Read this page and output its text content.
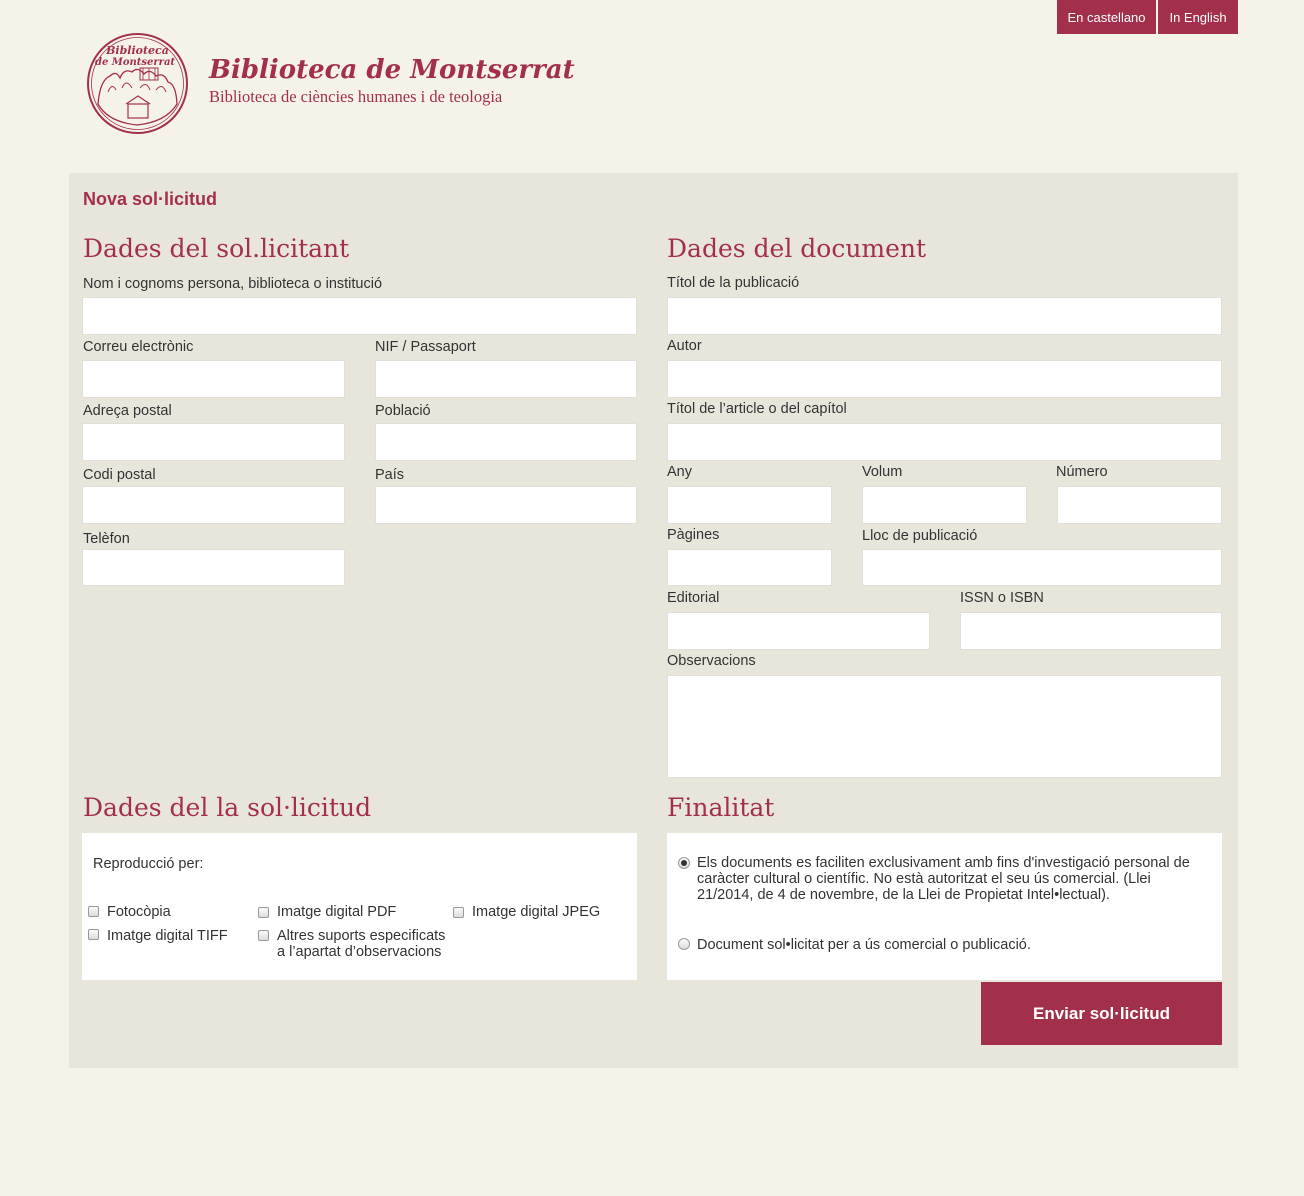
En castellano	In English
Biblioteca
de Montserrat Biblioteca de Montserrat
Biblioteca de ciències humanes i de teologia
Nova sol·licitud
Dades del sol.licitant
Nom i cognoms persona, biblioteca o institució
Correu electrònic	NIF / Passaport
Adreça postal	Població
Codi postal	País
Telèfon
Dades del document
Títol de la publicació
Autor
Títol de l’article o del capítol
Any	Volum	Número
Pàgines	Lloc de publicació
Editorial	ISSN o ISBN
Observacions
Dades del la sol·licitud
Reproducció per:
Fotocòpia	Imatge digital PDF	Imatge digital JPEG
Imatge digital TIFF	Altres suports especificats a l’apartat d’observacions
Finalitat
Els documents es faciliten exclusivament amb fins d'investigació personal de caràcter cultural o científic. No està autoritzat el seu ús comercial. (Llei 21/2014, de 4 de novembre, de la Llei de Propietat Intel•lectual).
Document sol•licitat per a ús comercial o publicació.
Enviar sol·licitud
